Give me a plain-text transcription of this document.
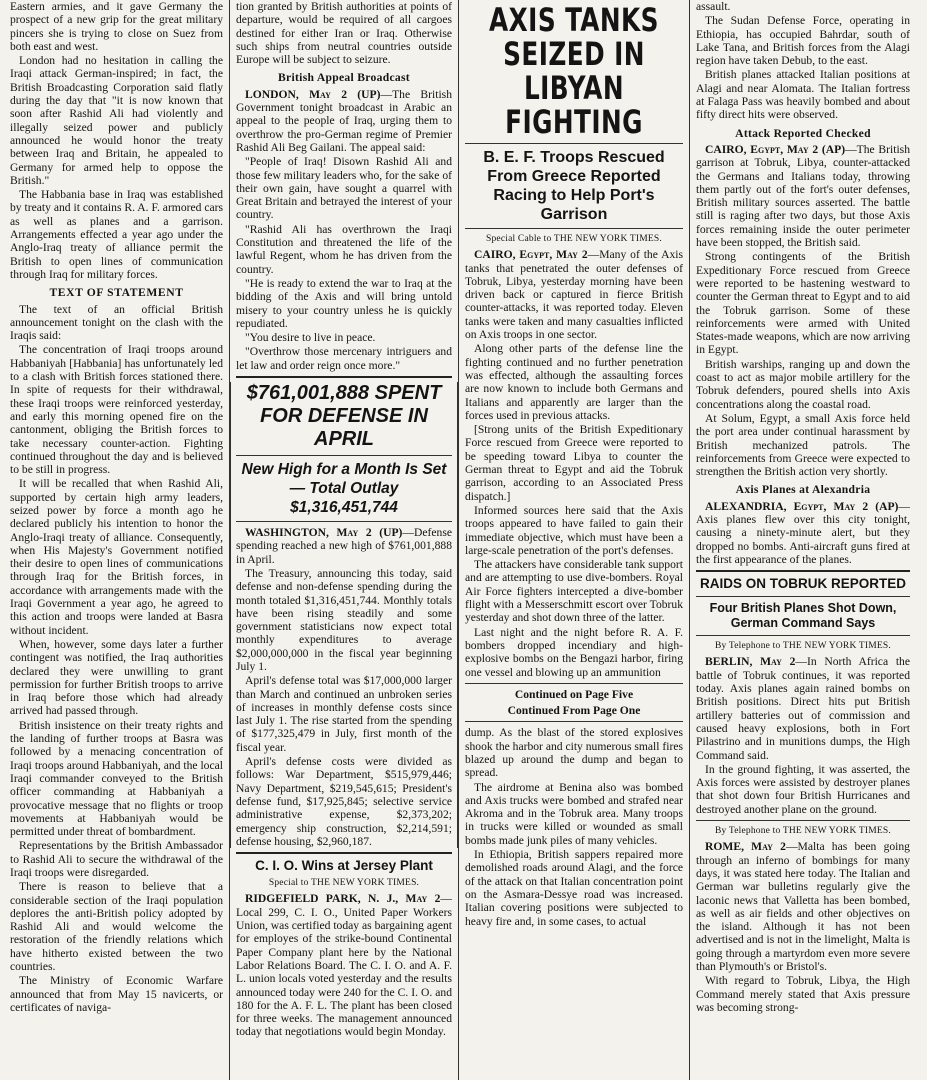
Eastern armies, and it gave Germany the prospect of a new grip for the great military pincers she is trying to close on Suez from both east and west.

London had no hesitation in calling the Iraqi attack German-inspired; in fact, the British Broadcasting Corporation said flatly during the day that "it is now known that soon after Rashid Ali had violently and illegally seized power and publicly announced he would honor the treaty between Iraq and Britain, he appealed to Germany for armed help to oppose the British."

The Habbania base in Iraq was established by treaty and it contains R. A. F. armored cars as well as planes and a garrison. Arrangements effected a year ago under the Anglo-Iraq treaty of alliance permit the British to open lines of communication through Iraq for military forces.

TEXT OF STATEMENT

The text of an official British announcement tonight on the clash with the Iraqis said:

The concentration of Iraqi troops around Habbaniyah [Habbania] has unfortunately led to a clash with British forces stationed there. In spite of requests for their withdrawal, these Iraqi troops were reinforced yesterday, and early this morning opened fire on the cantonment, obliging the British forces to take necessary counter-action. Fighting continued throughout the day and is believed to be still in progress.

It will be recalled that when Rashid Ali, supported by certain high army leaders, seized power by force a month ago he declared publicly his intention to honor the Anglo-Iraqi treaty of alliance. Consequently, when His Majesty's Government notified their desire to open lines of communications through Iraq for the British forces, in accordance with arrangements made with the Iraqi Government a year ago, he agreed to this action and troops were landed at Basra without incident.

When, however, some days later a further contingent was notified, the Iraq authorities declared they were unwilling to grant permission for further British troops to arrive in Iraq before those which had already arrived had passed through.

British insistence on their treaty rights and the landing of further troops at Basra was followed by a menacing concentration of Iraqi troops around Habbaniyah, and the local Iraqi commander conveyed to the British officer commanding at Habbaniyah a provocative message that no flights or troop movements at Habbaniyah would be permitted under threat of bombardment.

Representations by the British Ambassador to Rashid Ali to secure the withdrawal of the Iraqi troops were disregarded.

There is reason to believe that a considerable section of the Iraqi population deplores the anti-British policy adopted by Rashid Ali and would welcome the restoration of the friendly relations which have hitherto existed between the two countries.

The Ministry of Economic Warfare announced that from May 15 navicerts, or certificates of naviga-

tion granted by British authorities at points of departure, would be required of all cargoes destined for either Iran or Iraq. Otherwise such ships from neutral countries outside Europe will be subject to seizure.

British Appeal Broadcast

LONDON, May 2 (UP)—The British Government tonight broadcast in Arabic an appeal to the people of Iraq, urging them to overthrow the pro-German regime of Premier Rashid Ali Beg Gailani. The appeal said:

"People of Iraq! Disown Rashid Ali and those few military leaders who, for the sake of their own gain, have sought a quarrel with Great Britain and betrayed the interest of your country.

"Rashid Ali has overthrown the Iraqi Constitution and threatened the life of the lawful Regent, whom he has driven from the country.

"He is ready to extend the war to Iraq at the bidding of the Axis and will bring untold misery to your country unless he is quickly repudiated.

"You desire to live in peace.

"Overthrow those mercenary intriguers and let law and order reign once more."

$761,001,888 SPENT FOR DEFENSE IN APRIL
New High for a Month Is Set— Total Outlay $1,316,451,744

WASHINGTON, May 2 (UP)—Defense spending reached a new high of $761,001,888 in April.

The Treasury, announcing this today, said defense and non-defense spending during the month totaled $1,316,451,744. Monthly totals have been rising steadily and some government statisticians now expect total monthly expenditures to average $2,000,000,000 in the fiscal year beginning July 1.

April's defense total was $17,000,000 larger than March and continued an unbroken series of increases in monthly defense costs since last July 1. The rise started from the spending of $177,325,479 in July, first month of the fiscal year.

April's defense costs were divided as follows: War Department, $515,979,446; Navy Department, $219,545,615; President's defense fund, $17,925,845; selective service administrative expense, $2,373,202; emergency ship construction, $2,214,591; defense housing, $2,960,187.

C. I. O. Wins at Jersey Plant
Special to THE NEW YORK TIMES.

RIDGEFIELD PARK, N. J., May 2—Local 299, C. I. O., United Paper Workers Union, was certified today as bargaining agent for employes of the strike-bound Continental Paper Company plant here by the National Labor Relations Board. The C. I. O. and A. F. L. union locals voted yesterday and the results announced today were 240 for the C. I. O. and 180 for the A. F. L. The plant has been closed for three weeks. The management announced today that negotiations would begin Monday.

AXIS TANKS SEIZED IN LIBYAN FIGHTING
B. E. F. Troops Rescued From Greece Reported Racing to Help Port's Garrison
Special Cable to THE NEW YORK TIMES.

CAIRO, Egypt, May 2—Many of the Axis tanks that penetrated the outer defenses of Tobruk, Libya, yesterday morning have been driven back or captured in fierce British counter-attacks, it was reported today. Eleven tanks were taken and many casualties inflicted on Axis troops in one sector.

Along other parts of the defense line the fighting continued and no further penetration was effected, although the assaulting forces are now known to include both Germans and Italians and apparently are larger than the forces used in previous attacks.

[Strong units of the British Expeditionary Force rescued from Greece were reported to be speeding toward Libya to counter the German threat to Egypt and aid the Tobruk garrison, according to an Associated Press dispatch.]

Informed sources here said that the Axis troops appeared to have failed to gain their immediate objective, which must have been a large-scale penetration of the port's defenses.

The attackers have considerable tank support and are attempting to use dive-bombers. Royal Air Force fighters intercepted a dive-bomber flight with a Messerschmitt escort over Tobruk yesterday and shot down three of the latter.

Last night and the night before R. A. F. bombers dropped incendiary and high-explosive bombs on the Bengazi harbor, firing one vessel and blowing up an ammunition

Continued on Page Five
Continued From Page One

dump. As the blast of the stored explosives shook the harbor and city numerous small fires blazed up around the dump and began to spread.

The airdrome at Benina also was bombed and Axis trucks were bombed and strafed near Akroma and in the Tobruk area. Many troops in trucks were killed or wounded as small bombs made junk piles of many vehicles.

In Ethiopia, British sappers repaired more demolished roads around Alagi, and the force of the attack on that Italian concentration point on the Asmara-Dessye road was increased. Italian covering positions were subjected to heavy fire and, in some cases, to actual

assault.

The Sudan Defense Force, operating in Ethiopia, has occupied Bahrdar, south of Lake Tana, and British forces from the Alagi region have taken Debub, to the east.

British planes attacked Italian positions at Alagi and near Alomata. The Italian fortress at Falaga Pass was heavily bombed and about fifty direct hits were observed.

Attack Reported Checked

CAIRO, Egypt, May 2 (AP)—The British garrison at Tobruk, Libya, counter-attacked the Germans and Italians today, throwing them partly out of the fort's outer defenses, British military sources asserted. The battle still is raging after two days, but those Axis forces remaining inside the outer perimeter have been stopped, the British said.

Strong contingents of the British Expeditionary Force rescued from Greece were reported to be hastening westward to counter the German threat to Egypt and to aid the Tobruk garrison. Some of these reinforcements were armed with United States-made weapons, which are now arriving in Egypt.

British warships, ranging up and down the coast to act as major mobile artillery for the Tobruk defenders, poured shells into Axis concentrations along the coastal road.

At Solum, Egypt, a small Axis force held the port area under continual harassment by British mechanized patrols. The reinforcements from Greece were expected to strengthen the British action very shortly.

Axis Planes at Alexandria

ALEXANDRIA, Egypt, May 2 (AP)—Axis planes flew over this city tonight, causing a ninety-minute alert, but they dropped no bombs. Anti-aircraft guns fired at the first appearance of the planes.

RAIDS ON TOBRUK REPORTED
Four British Planes Shot Down, German Command Says
By Telephone to THE NEW YORK TIMES.

BERLIN, May 2—In North Africa the battle of Tobruk continues, it was reported today. Axis planes again rained bombs on British positions. Direct hits put British artillery batteries out of commission and caused heavy explosions, both in Fort Pilastrino and in munitions dumps, the High Command said.

In the ground fighting, it was asserted, the Axis forces were assisted by destroyer planes that shot down four British Hurricanes and destroyed another plane on the ground.

By Telephone to THE NEW YORK TIMES.

ROME, May 2—Malta has been going through an inferno of bombings for many days, it was stated here today. The Italian and German war bulletins regularly give the laconic news that Valletta has been bombed, as well as air fields and other objectives on the island. Although it has not been advertised and is not in the limelight, Malta is going through a martyrdom even more severe than Plymouth's or Bristol's.

With regard to Tobruk, Libya, the High Command merely stated that Axis pressure was becoming strong-
